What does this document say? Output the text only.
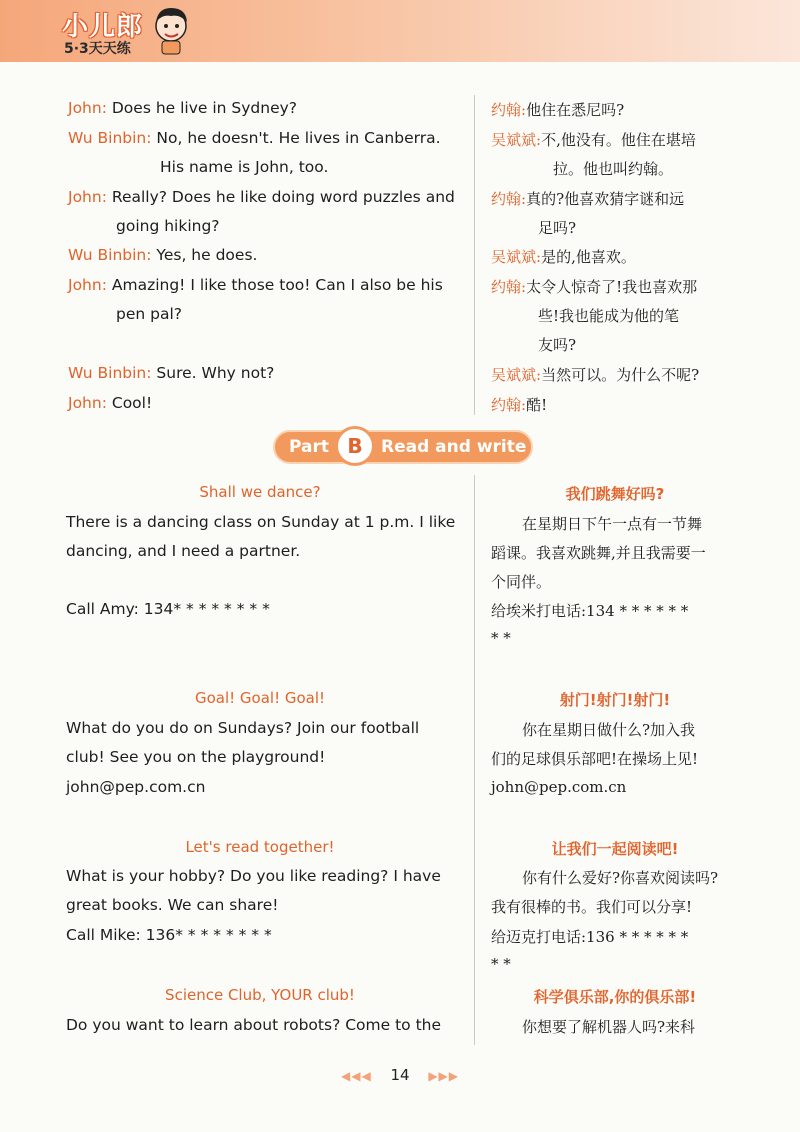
小儿郎
5·3天天练
John: Does he live in Sydney?
Wu Binbin: No, he doesn't. He lives in Canberra.
His name is John, too.
John: Really? Does he like doing word puzzles and
going hiking?
Wu Binbin: Yes, he does.
John: Amazing! I like those too! Can I also be his
pen pal?
Wu Binbin: Sure. Why not?
John: Cool!
约翰:他住在悉尼吗?
吴斌斌:不,他没有。他住在堪培
拉。他也叫约翰。
约翰:真的?他喜欢猜字谜和远
足吗?
吴斌斌:是的,他喜欢。
约翰:太令人惊奇了!我也喜欢那
些!我也能成为他的笔
友吗?
吴斌斌:当然可以。为什么不呢?
约翰:酷!
Part B	Read and write
Shall we dance?
There is a dancing class on Sunday at 1 p.m. I like
dancing, and I need a partner.
Call Amy: 134* * * * * * * *
我们跳舞好吗?
在星期日下午一点有一节舞
蹈课。我喜欢跳舞,并且我需要一
个同伴。
给埃米打电话:134 * * * * * *
* *
Goal! Goal! Goal!
What do you do on Sundays? Join our football
club! See you on the playground!
john@pep.com.cn
射门!射门!射门!
你在星期日做什么?加入我
们的足球俱乐部吧!在操场上见!
john@pep.com.cn
Let's read together!
What is your hobby? Do you like reading? I have
great books. We can share!
Call Mike: 136* * * * * * * *
让我们一起阅读吧!
你有什么爱好?你喜欢阅读吗?
我有很棒的书。我们可以分享!
给迈克打电话:136 * * * * * *
* *
Science Club, YOUR club!
Do you want to learn about robots? Come to the
科学俱乐部,你的俱乐部!
你想要了解机器人吗?来科
◀◀◀ 14 ▶▶▶
